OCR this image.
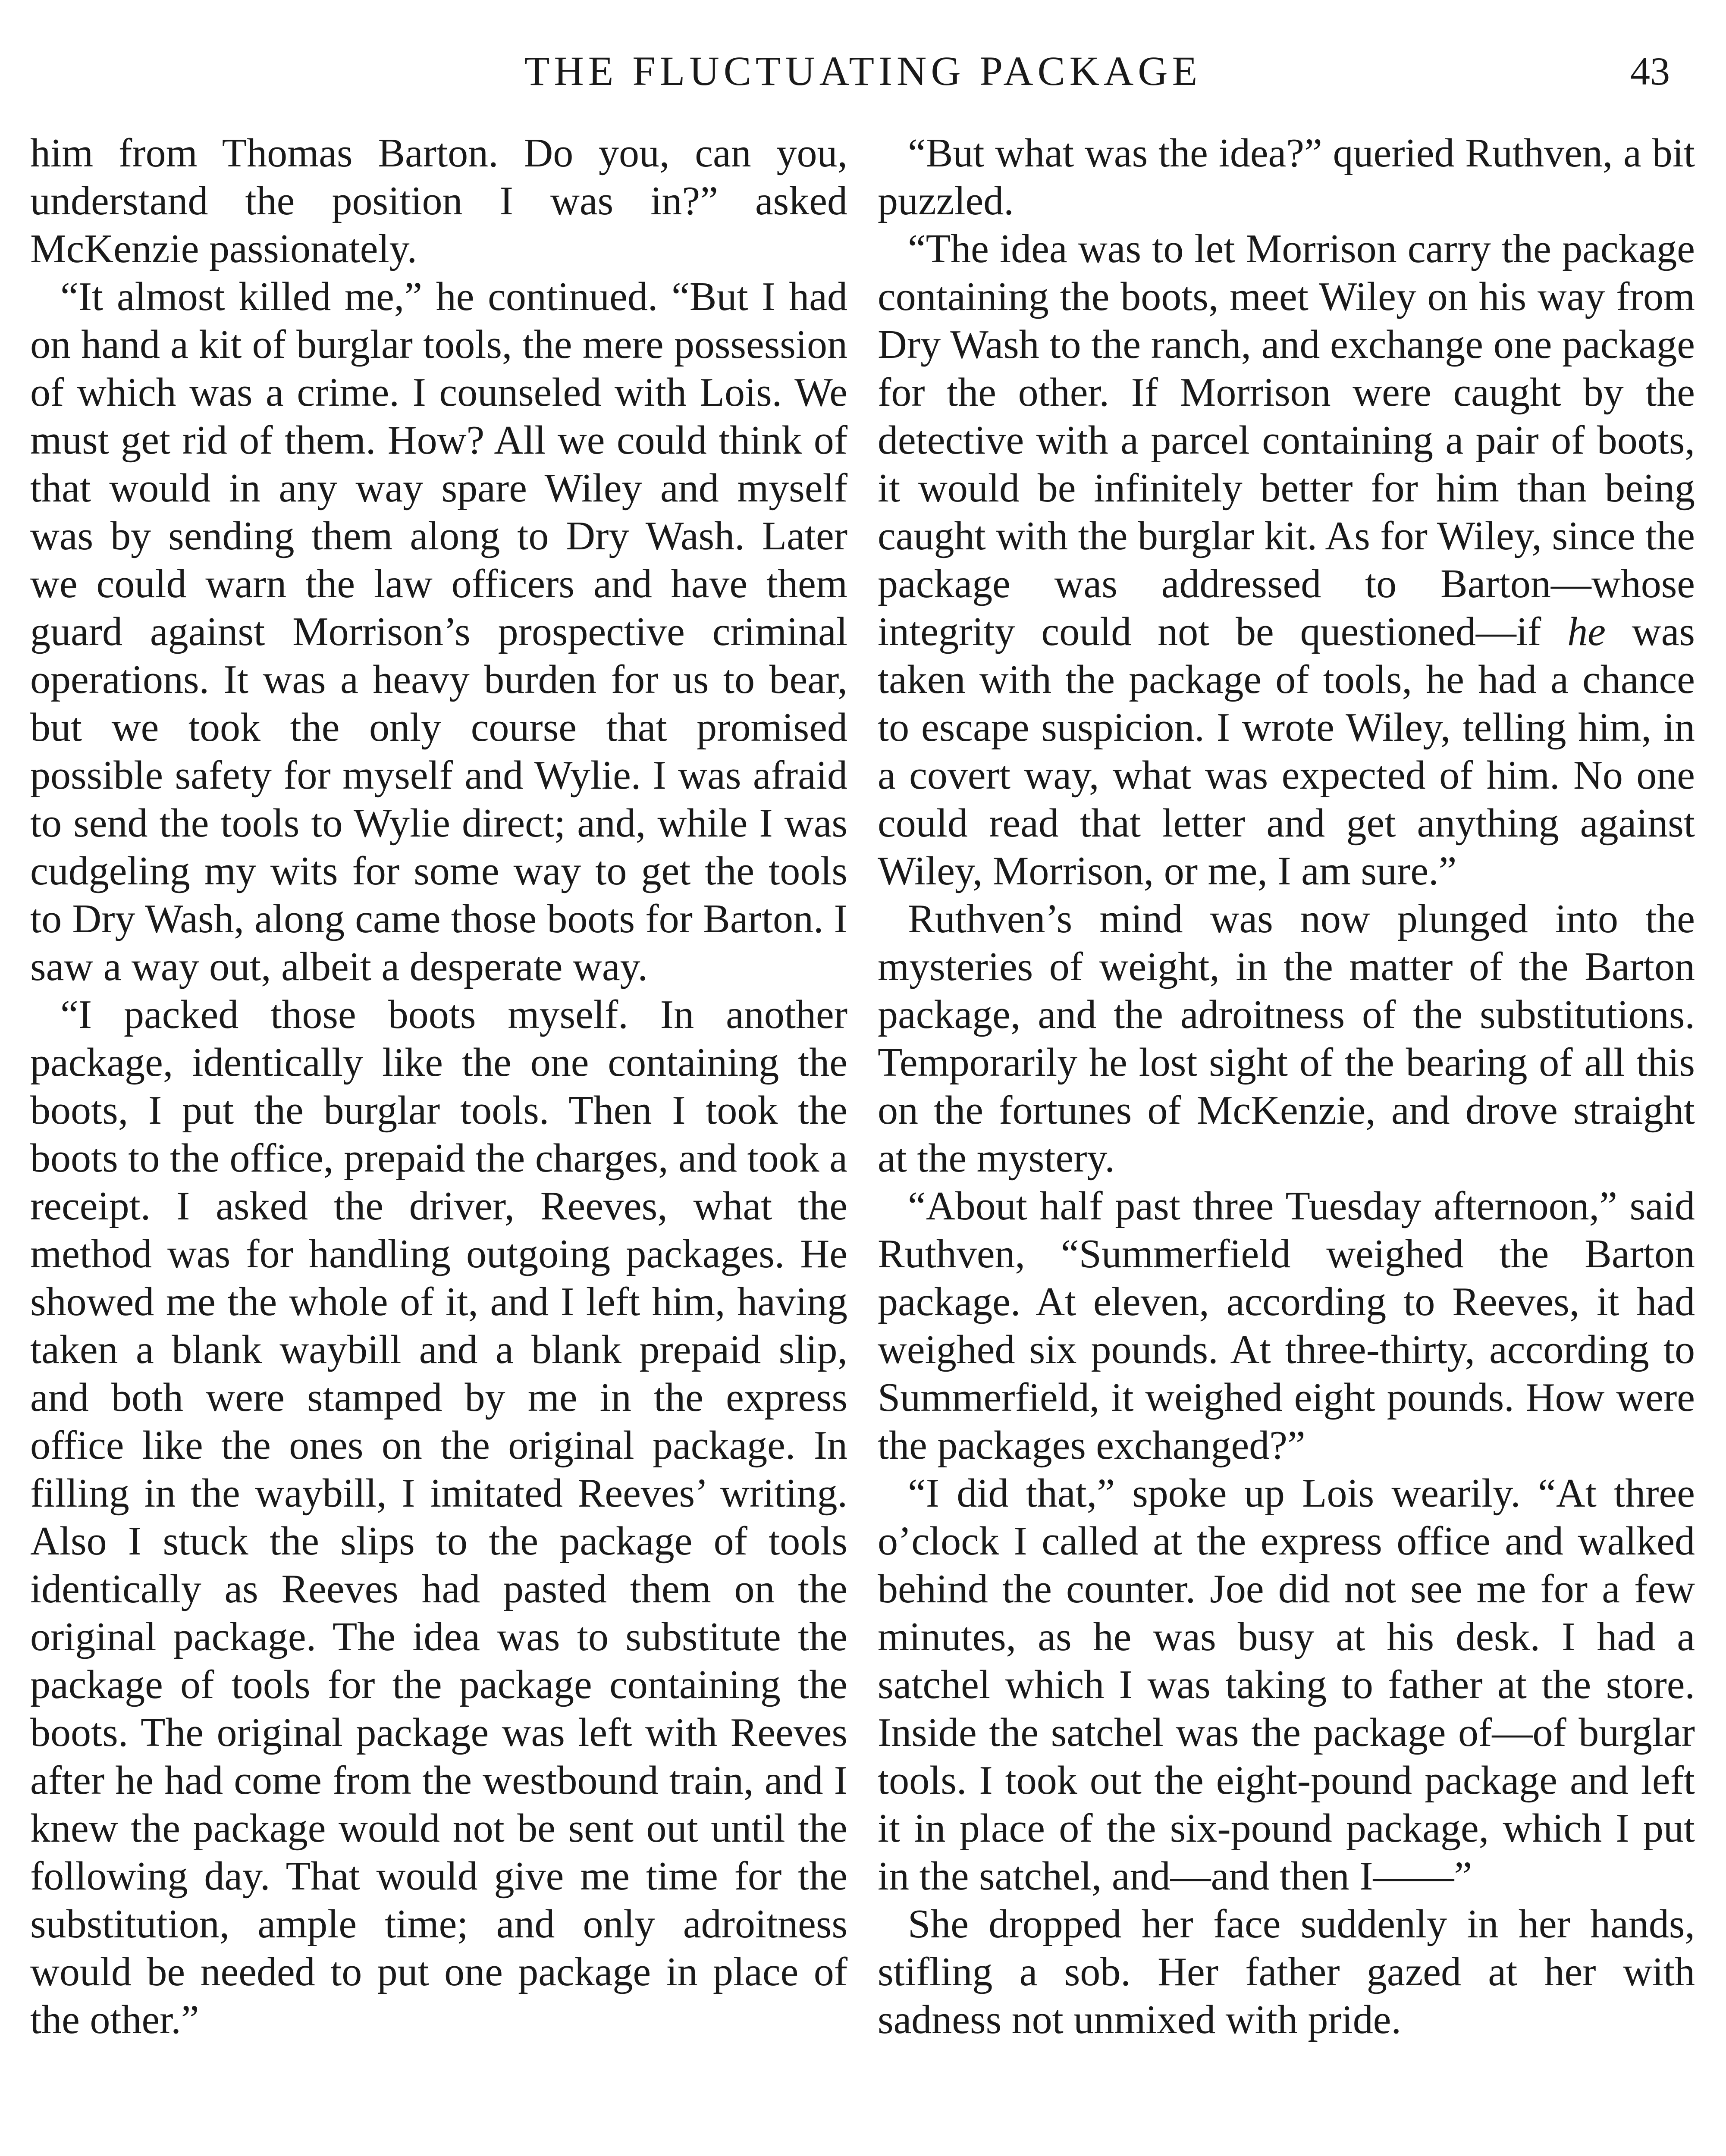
THE FLUCTUATING PACKAGE	43

him from Thomas Barton. Do you, can you, understand the position I was in?” asked McKenzie passionately.

“It almost killed me,” he continued. “But I had on hand a kit of burglar tools, the mere possession of which was a crime. I counseled with Lois. We must get rid of them. How? All we could think of that would in any way spare Wiley and myself was by sending them along to Dry Wash. Later we could warn the law officers and have them guard against Morrison’s prospective criminal operations. It was a heavy burden for us to bear, but we took the only course that promised possible safety for myself and Wylie. I was afraid to send the tools to Wylie direct; and, while I was cudgeling my wits for some way to get the tools to Dry Wash, along came those boots for Barton. I saw a way out, albeit a desperate way.

“I packed those boots myself. In another package, identically like the one containing the boots, I put the burglar tools. Then I took the boots to the office, prepaid the charges, and took a receipt. I asked the driver, Reeves, what the method was for handling outgoing packages. He showed me the whole of it, and I left him, having taken a blank waybill and a blank prepaid slip, and both were stamped by me in the express office like the ones on the original package. In filling in the waybill, I imitated Reeves’ writing. Also I stuck the slips to the package of tools identically as Reeves had pasted them on the original package. The idea was to substitute the package of tools for the package containing the boots. The original package was left with Reeves after he had come from the westbound train, and I knew the package would not be sent out until the following day. That would give me time for the substitution, ample time; and only adroitness would be needed to put one package in place of the other.”

“But what was the idea?” queried Ruthven, a bit puzzled.

“The idea was to let Morrison carry the package containing the boots, meet Wiley on his way from Dry Wash to the ranch, and exchange one package for the other. If Morrison were caught by the detective with a parcel containing a pair of boots, it would be infinitely better for him than being caught with the burglar kit. As for Wiley, since the package was addressed to Barton—whose integrity could not be questioned—if he was taken with the package of tools, he had a chance to escape suspicion. I wrote Wiley, telling him, in a covert way, what was expected of him. No one could read that letter and get anything against Wiley, Morrison, or me, I am sure.”

Ruthven’s mind was now plunged into the mysteries of weight, in the matter of the Barton package, and the adroitness of the substitutions. Temporarily he lost sight of the bearing of all this on the fortunes of McKenzie, and drove straight at the mystery.

“About half past three Tuesday afternoon,” said Ruthven, “Summerfield weighed the Barton package. At eleven, according to Reeves, it had weighed six pounds. At three-thirty, according to Summerfield, it weighed eight pounds. How were the packages exchanged?”

“I did that,” spoke up Lois wearily. “At three o’clock I called at the express office and walked behind the counter. Joe did not see me for a few minutes, as he was busy at his desk. I had a satchel which I was taking to father at the store. Inside the satchel was the package of—of burglar tools. I took out the eight-pound package and left it in place of the six-pound package, which I put in the satchel, and—and then I——”

She dropped her face suddenly in her hands, stifling a sob. Her father gazed at her with sadness not unmixed with pride.
